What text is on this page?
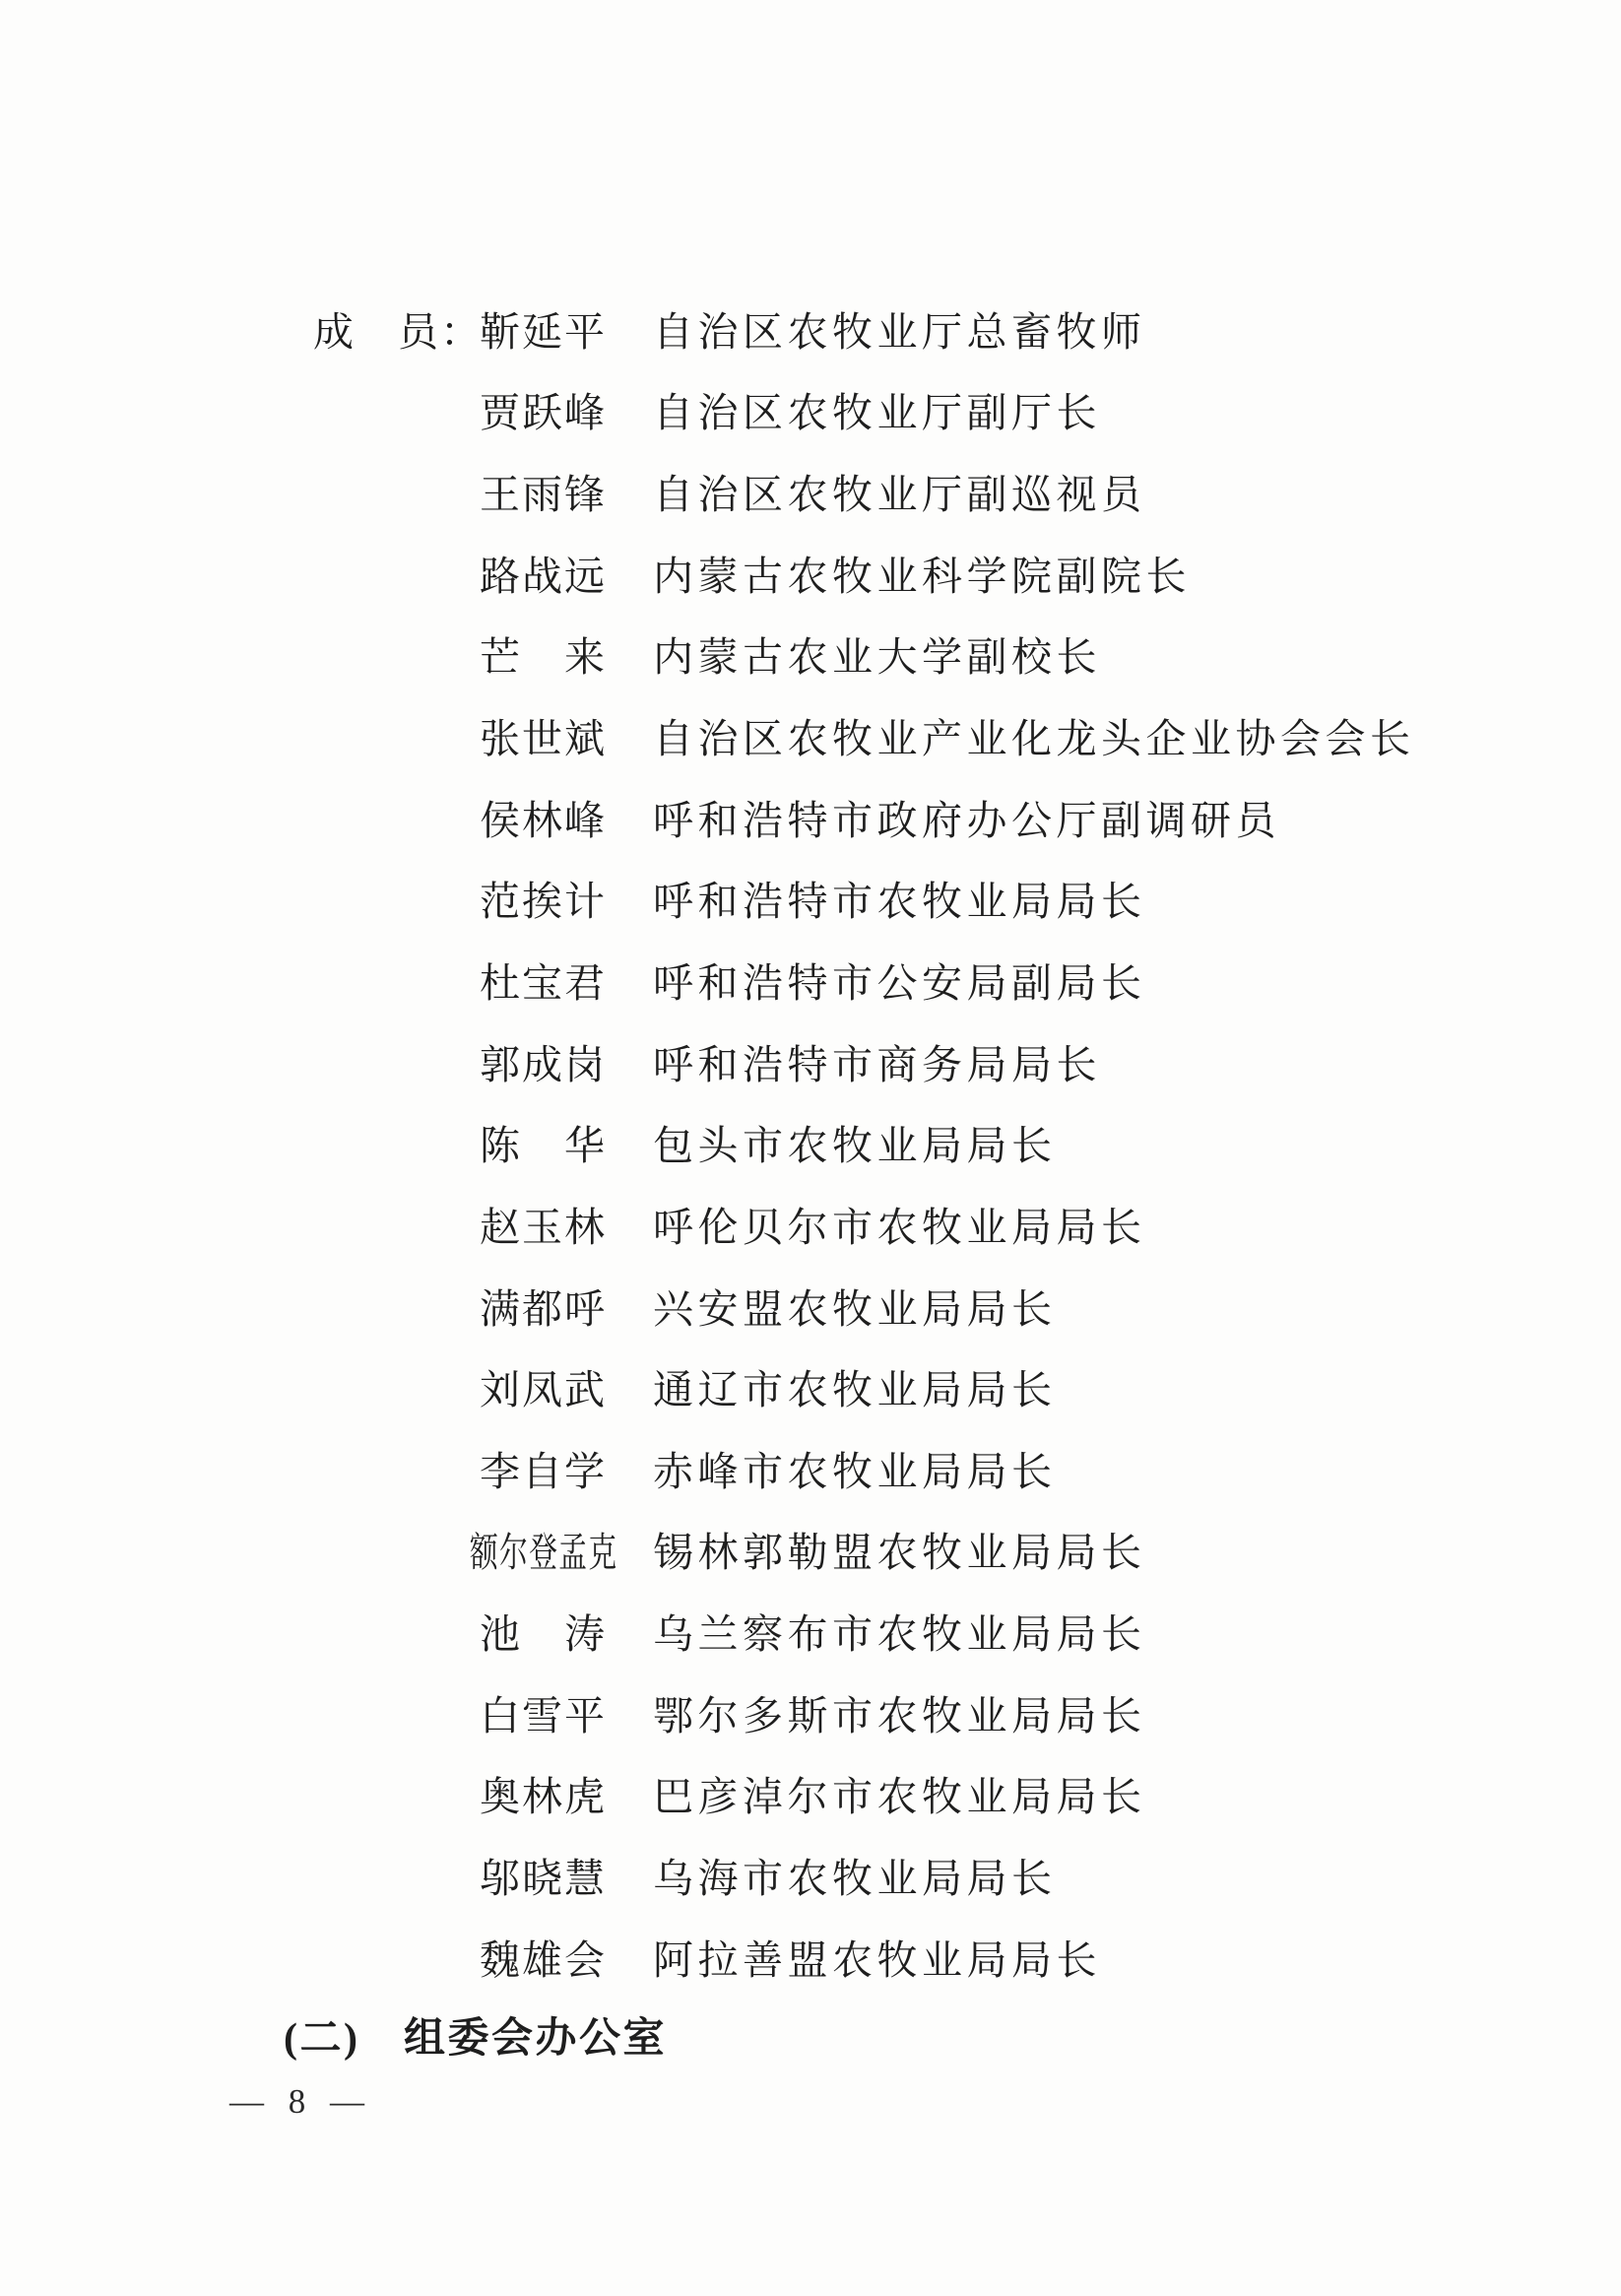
成　员：
靳延平	自治区农牧业厅总畜牧师
贾跃峰	自治区农牧业厅副厅长
王雨锋	自治区农牧业厅副巡视员
路战远	内蒙古农牧业科学院副院长
芒　来	内蒙古农业大学副校长
张世斌	自治区农牧业产业化龙头企业协会会长
侯林峰	呼和浩特市政府办公厅副调研员
范挨计	呼和浩特市农牧业局局长
杜宝君	呼和浩特市公安局副局长
郭成岗	呼和浩特市商务局局长
陈　华	包头市农牧业局局长
赵玉林	呼伦贝尔市农牧业局局长
满都呼	兴安盟农牧业局局长
刘凤武	通辽市农牧业局局长
李自学	赤峰市农牧业局局长
额尔登孟克 锡林郭勒盟农牧业局局长
池　涛	乌兰察布市农牧业局局长
白雪平	鄂尔多斯市农牧业局局长
奥林虎	巴彦淖尔市农牧业局局长
邬晓慧	乌海市农牧业局局长
魏雄会	阿拉善盟农牧业局局长
(二)　组委会办公室
— 8 —
